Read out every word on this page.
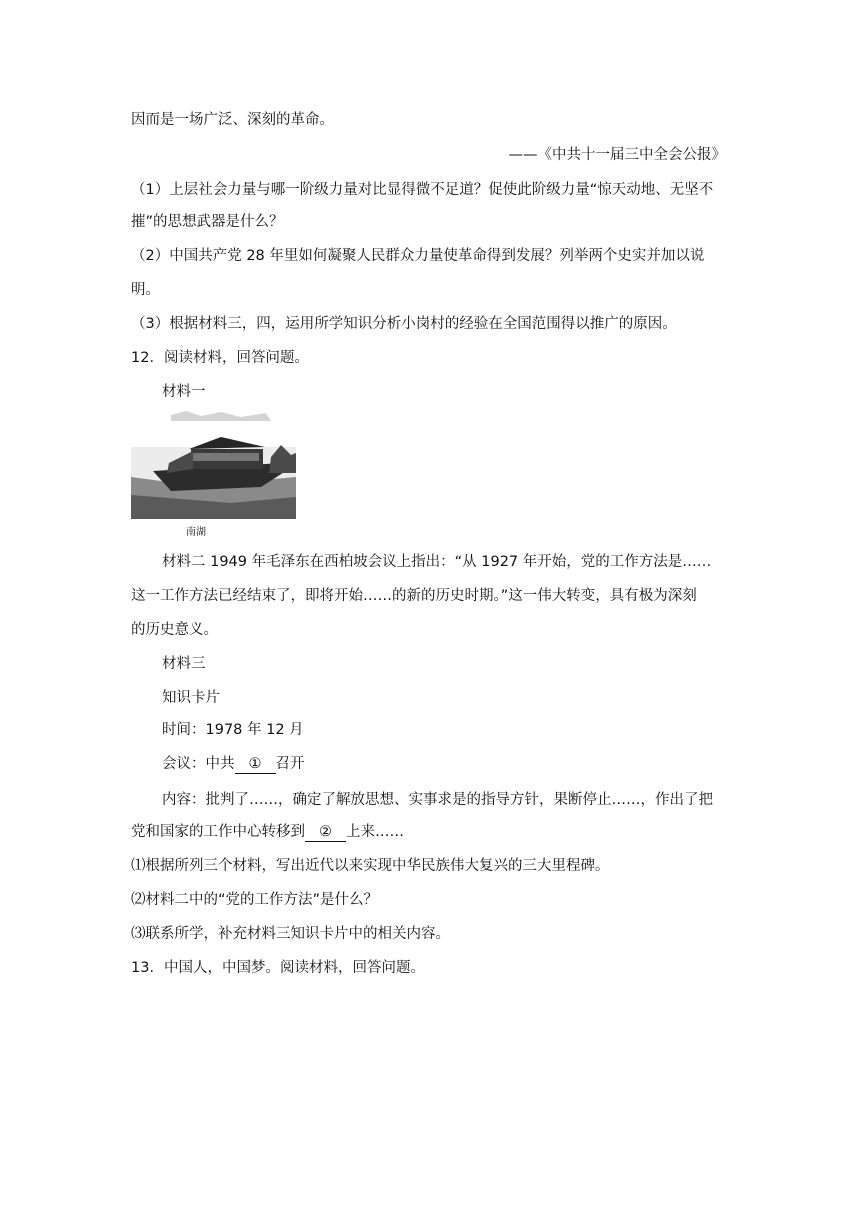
因而是一场广泛、深刻的革命。
——《中共十一届三中全会公报》
（1）上层社会力量与哪一阶级力量对比显得微不足道？促使此阶级力量“惊天动地、无坚不
摧”的思想武器是什么？
（2）中国共产党 28 年里如何凝聚人民群众力量使革命得到发展？列举两个史实并加以说
明。
（3）根据材料三，四，运用所学知识分析小岗村的经验在全国范围得以推广的原因。
12．阅读材料，回答问题。
材料一
南湖
材料二 1949 年毛泽东在西柏坡会议上指出：“从 1927 年开始，党的工作方法是……
这一工作方法已经结束了，即将开始……的新的历史时期。”这一伟大转变，具有极为深刻
的历史意义。
材料三
知识卡片
时间：1978 年 12 月
会议：中共 ① 召开
内容：批判了……，确定了解放思想、实事求是的指导方针，果断停止……，作出了把
党和国家的工作中心转移到 ② 上来……
⑴根据所列三个材料，写出近代以来实现中华民族伟大复兴的三大里程碑。
⑵材料二中的“党的工作方法”是什么？
⑶联系所学，补充材料三知识卡片中的相关内容。
13．中国人，中国梦。阅读材料，回答问题。
